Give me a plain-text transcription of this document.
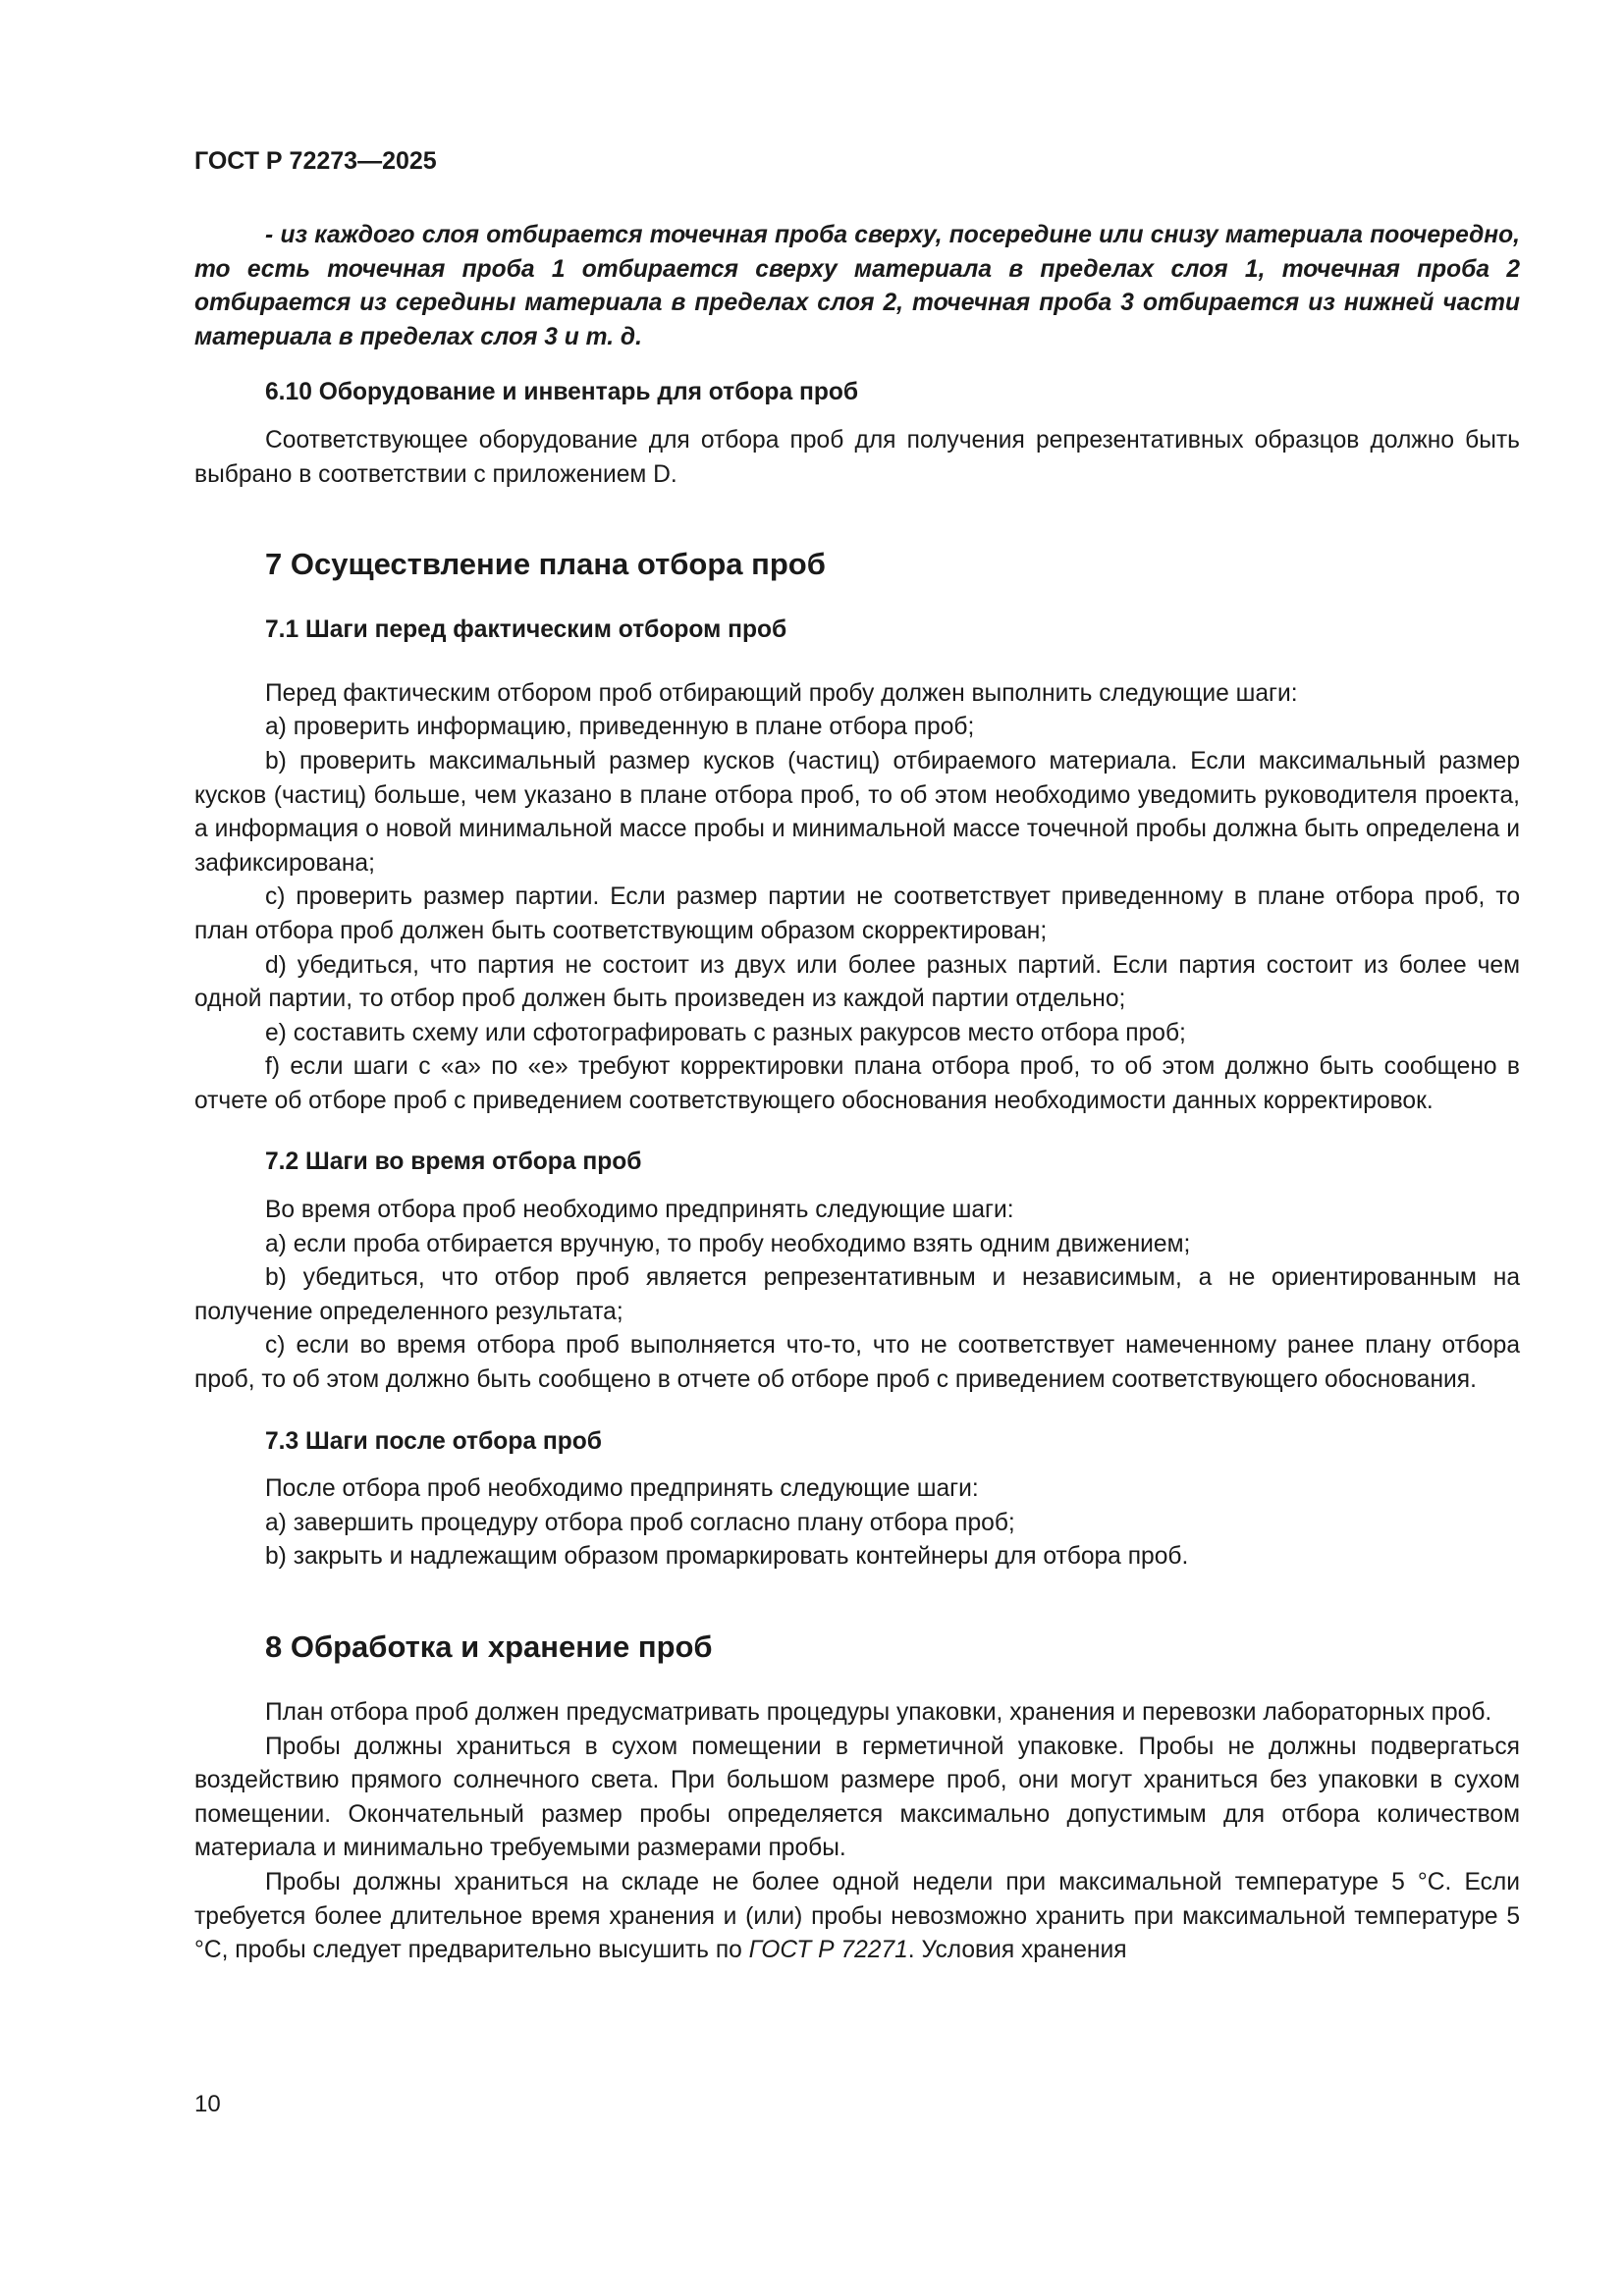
ГОСТ Р 72273—2025

- из каждого слоя отбирается точечная проба сверху, посередине или снизу материала поочередно, то есть точечная проба 1 отбирается сверху материала в пределах слоя 1, точечная проба 2 отбирается из середины материала в пределах слоя 2, точечная проба 3 отбирается из нижней части материала в пределах слоя 3 и т. д.

6.10 Оборудование и инвентарь для отбора проб

Соответствующее оборудование для отбора проб для получения репрезентативных образцов должно быть выбрано в соответствии с приложением D.

7 Осуществление плана отбора проб
7.1 Шаги перед фактическим отбором проб

Перед фактическим отбором проб отбирающий пробу должен выполнить следующие шаги:

a) проверить информацию, приведенную в плане отбора проб;

b) проверить максимальный размер кусков (частиц) отбираемого материала. Если максимальный размер кусков (частиц) больше, чем указано в плане отбора проб, то об этом необходимо уведомить руководителя проекта, а информация о новой минимальной массе пробы и минимальной массе точечной пробы должна быть определена и зафиксирована;

c) проверить размер партии. Если размер партии не соответствует приведенному в плане отбора проб, то план отбора проб должен быть соответствующим образом скорректирован;

d) убедиться, что партия не состоит из двух или более разных партий. Если партия состоит из более чем одной партии, то отбор проб должен быть произведен из каждой партии отдельно;

e) составить схему или сфотографировать с разных ракурсов место отбора проб;

f) если шаги с «а» по «е» требуют корректировки плана отбора проб, то об этом должно быть сообщено в отчете об отборе проб с приведением соответствующего обоснования необходимости данных корректировок.

7.2 Шаги во время отбора проб

Во время отбора проб необходимо предпринять следующие шаги:

a) если проба отбирается вручную, то пробу необходимо взять одним движением;

b) убедиться, что отбор проб является репрезентативным и независимым, а не ориентированным на получение определенного результата;

c) если во время отбора проб выполняется что-то, что не соответствует намеченному ранее плану отбора проб, то об этом должно быть сообщено в отчете об отборе проб с приведением соответствующего обоснования.

7.3 Шаги после отбора проб

После отбора проб необходимо предпринять следующие шаги:

a) завершить процедуру отбора проб согласно плану отбора проб;

b) закрыть и надлежащим образом промаркировать контейнеры для отбора проб.

8 Обработка и хранение проб

План отбора проб должен предусматривать процедуры упаковки, хранения и перевозки лабораторных проб.

Пробы должны храниться в сухом помещении в герметичной упаковке. Пробы не должны подвергаться воздействию прямого солнечного света. При большом размере проб, они могут храниться без упаковки в сухом помещении. Окончательный размер пробы определяется максимально допустимым для отбора количеством материала и минимально требуемыми размерами пробы.

Пробы должны храниться на складе не более одной недели при максимальной температуре 5 °С. Если требуется более длительное время хранения и (или) пробы невозможно хранить при максимальной температуре 5 °С, пробы следует предварительно высушить по ГОСТ Р 72271. Условия хранения

10
